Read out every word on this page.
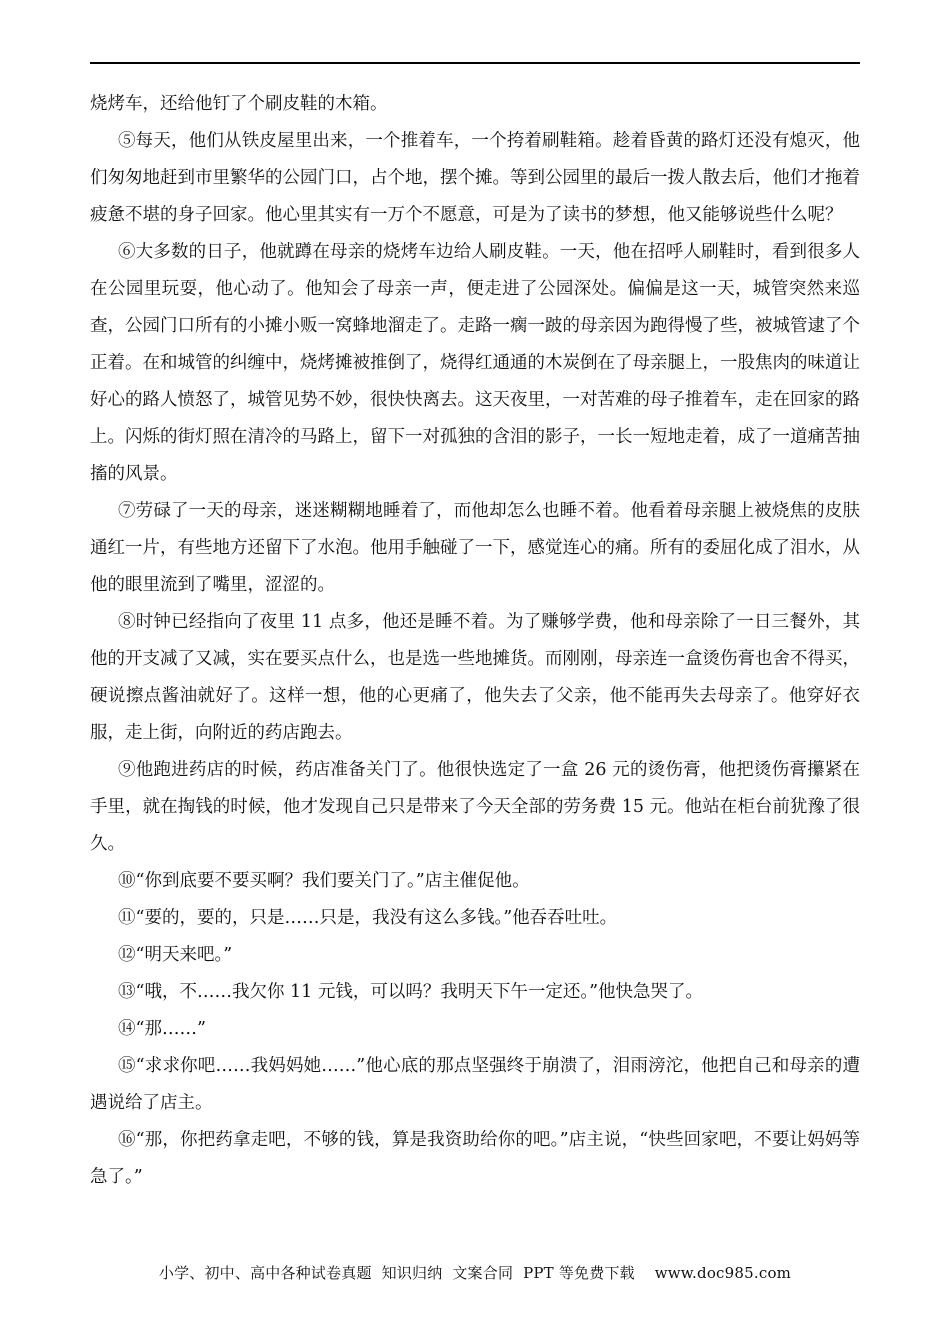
烧烤车，还给他钉了个刷皮鞋的木箱。

⑤每天，他们从铁皮屋里出来，一个推着车，一个挎着刷鞋箱。趁着昏黄的路灯还没有熄灭，他们匆匆地赶到市里繁华的公园门口，占个地，摆个摊。等到公园里的最后一拨人散去后，他们才拖着疲惫不堪的身子回家。他心里其实有一万个不愿意，可是为了读书的梦想，他又能够说些什么呢？

⑥大多数的日子，他就蹲在母亲的烧烤车边给人刷皮鞋。一天，他在招呼人刷鞋时，看到很多人在公园里玩耍，他心动了。他知会了母亲一声，便走进了公园深处。偏偏是这一天，城管突然来巡查，公园门口所有的小摊小贩一窝蜂地溜走了。走路一瘸一跛的母亲因为跑得慢了些，被城管逮了个正着。在和城管的纠缠中，烧烤摊被推倒了，烧得红通通的木炭倒在了母亲腿上，一股焦肉的味道让好心的路人愤怒了，城管见势不妙，很快快离去。这天夜里，一对苦难的母子推着车，走在回家的路上。闪烁的街灯照在清冷的马路上，留下一对孤独的含泪的影子，一长一短地走着，成了一道痛苦抽搐的风景。

⑦劳碌了一天的母亲，迷迷糊糊地睡着了，而他却怎么也睡不着。他看着母亲腿上被烧焦的皮肤通红一片，有些地方还留下了水泡。他用手触碰了一下，感觉连心的痛。所有的委屈化成了泪水，从他的眼里流到了嘴里，涩涩的。

⑧时钟已经指向了夜里 11 点多，他还是睡不着。为了赚够学费，他和母亲除了一日三餐外，其他的开支减了又减，实在要买点什么，也是选一些地摊货。而刚刚，母亲连一盒烫伤膏也舍不得买，硬说擦点酱油就好了。这样一想，他的心更痛了，他失去了父亲，他不能再失去母亲了。他穿好衣服，走上街，向附近的药店跑去。

⑨他跑进药店的时候，药店准备关门了。他很快选定了一盒 26 元的烫伤膏，他把烫伤膏攥紧在手里，就在掏钱的时候，他才发现自己只是带来了今天全部的劳务费 15 元。他站在柜台前犹豫了很久。

⑩“你到底要不要买啊？我们要关门了。”店主催促他。

⑪“要的，要的，只是……只是，我没有这么多钱。”他吞吞吐吐。

⑫“明天来吧。”

⑬“哦，不……我欠你 11 元钱，可以吗？我明天下午一定还。”他快急哭了。

⑭“那……”

⑮“求求你吧……我妈妈她……”他心底的那点坚强终于崩溃了，泪雨滂沱，他把自己和母亲的遭遇说给了店主。

⑯“那，你把药拿走吧，不够的钱，算是我资助给你的吧。”店主说，“快些回家吧，不要让妈妈等急了。”

小学、初中、高中各种试卷真题  知识归纳  文案合同  PPT 等免费下载    www.doc985.com
